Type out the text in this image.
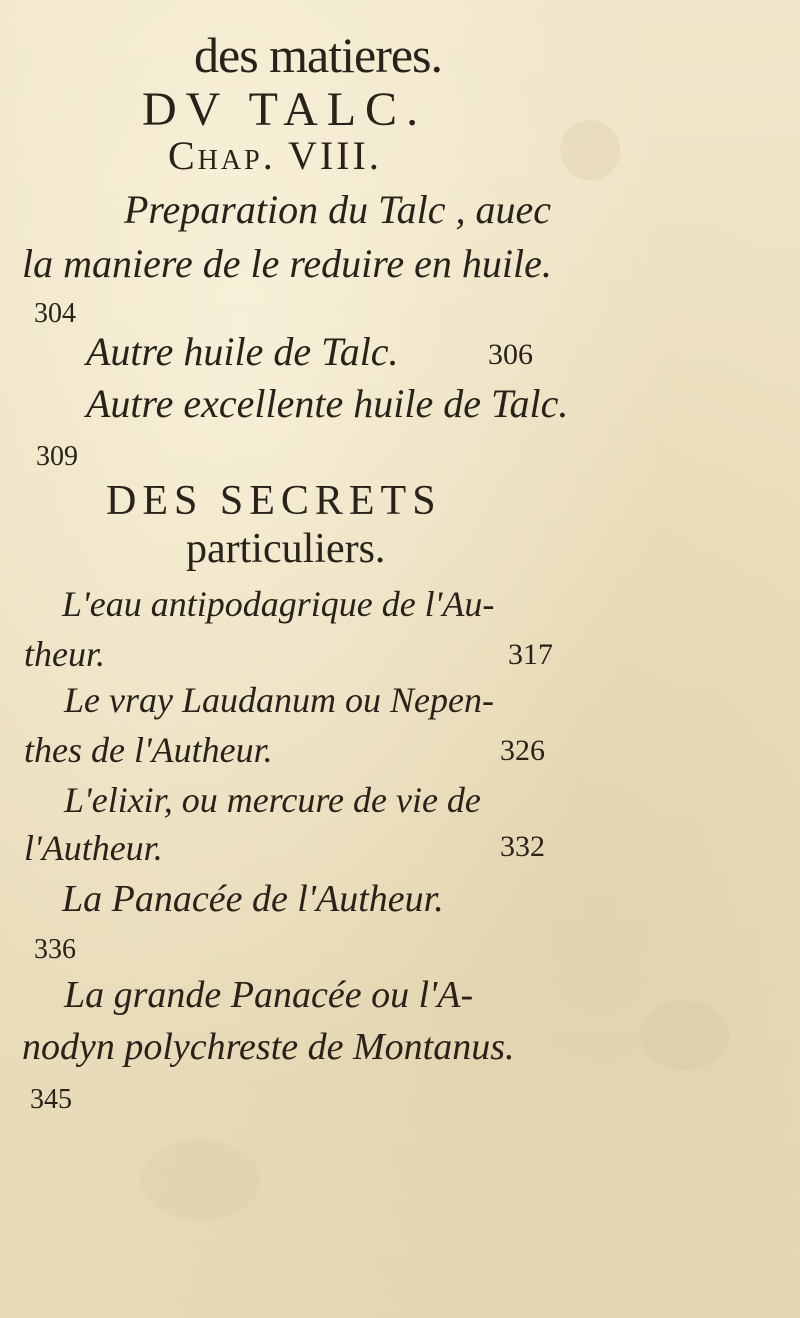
des matieres.
DV TALC.
Chap. VIII.
Preparation du Talc , auec
la maniere de le reduire en huile.
304
Autre huile de Talc.	306
Autre excellente huile de Talc.
309
DES SECRETS
particuliers.
L'eau antipodagrique de l'Au-
theur.	317
Le vray Laudanum ou Nepen-
thes de l'Autheur.	326
L'elixir, ou mercure de vie de
l'Autheur.	332
La Panacée de l'Autheur.
336
La grande Panacée ou l'A-
nodyn polychreste de Montanus.
345
